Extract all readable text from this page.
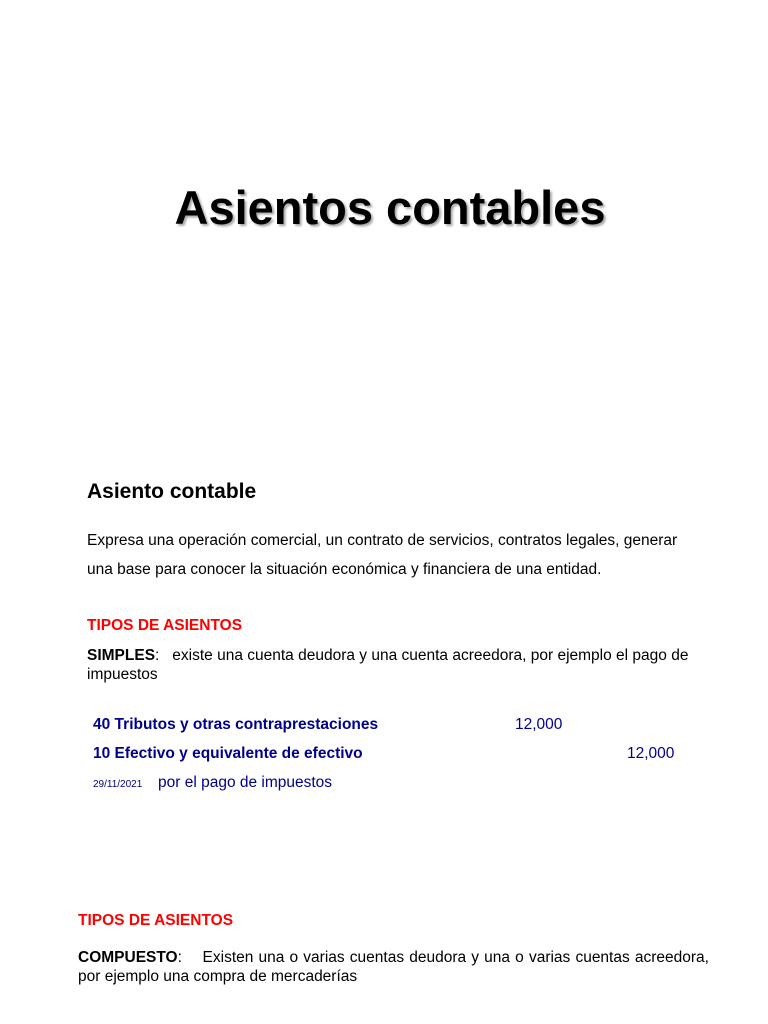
Asientos contables
Asiento contable

Expresa una operación comercial, un contrato de servicios, contratos legales, generar
una base para conocer la situación económica y financiera de una entidad.

TIPOS DE ASIENTOS

SIMPLES:   existe una cuenta deudora y una cuenta acreedora, por ejemplo el pago de impuestos

40 Tributos y otras contraprestaciones	12,000
10 Efectivo y equivalente de efectivo	12,000
29/11/2021 por el pago de impuestos
TIPOS DE ASIENTOS

COMPUESTO:    Existen una o varias cuentas deudora y una o varias cuentas acreedora, por ejemplo una compra de mercaderías
